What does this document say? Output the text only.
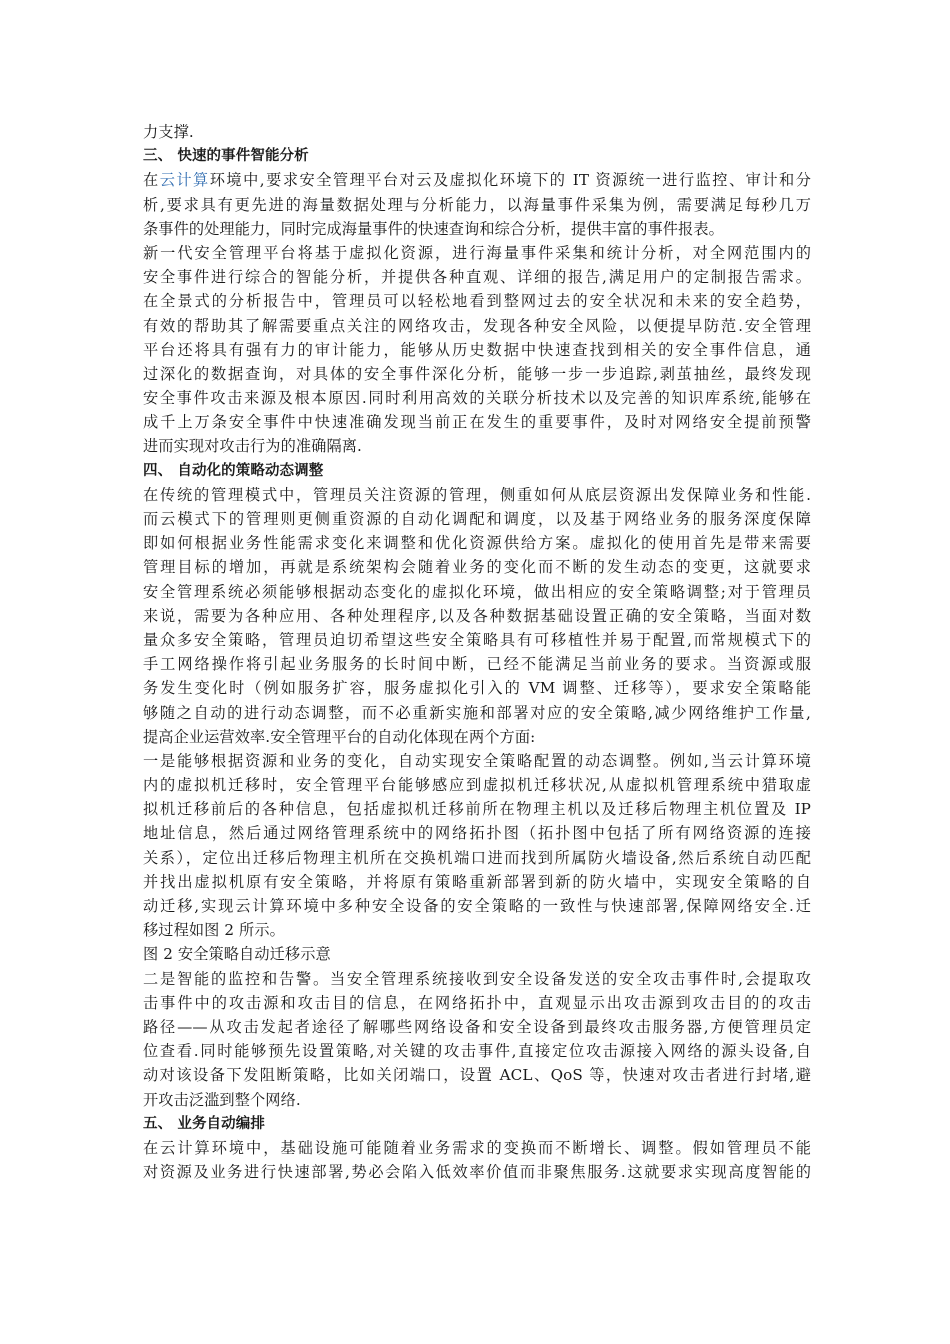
力支撑.
三、 快速的事件智能分析
在云计算环境中,要求安全管理平台对云及虚拟化环境下的 IT 资源统一进行监控、审计和分
析,要求具有更先进的海量数据处理与分析能力，以海量事件采集为例，需要满足每秒几万
条事件的处理能力，同时完成海量事件的快速查询和综合分析，提供丰富的事件报表。
新一代安全管理平台将基于虚拟化资源，进行海量事件采集和统计分析，对全网范围内的
安全事件进行综合的智能分析，并提供各种直观、详细的报告,满足用户的定制报告需求。
在全景式的分析报告中，管理员可以轻松地看到整网过去的安全状况和未来的安全趋势，
有效的帮助其了解需要重点关注的网络攻击，发现各种安全风险，以便提早防范.安全管理
平台还将具有强有力的审计能力，能够从历史数据中快速查找到相关的安全事件信息，通
过深化的数据查询，对具体的安全事件深化分析，能够一步一步追踪,剥茧抽丝，最终发现
安全事件攻击来源及根本原因.同时利用高效的关联分析技术以及完善的知识库系统,能够在
成千上万条安全事件中快速准确发现当前正在发生的重要事件，及时对网络安全提前预警
进而实现对攻击行为的准确隔离.
四、 自动化的策略动态调整
在传统的管理模式中，管理员关注资源的管理，侧重如何从底层资源出发保障业务和性能.
而云模式下的管理则更侧重资源的自动化调配和调度，以及基于网络业务的服务深度保障
即如何根据业务性能需求变化来调整和优化资源供给方案。虚拟化的使用首先是带来需要
管理目标的增加，再就是系统架构会随着业务的变化而不断的发生动态的变更，这就要求
安全管理系统必须能够根据动态变化的虚拟化环境，做出相应的安全策略调整;对于管理员
来说，需要为各种应用、各种处理程序,以及各种数据基础设置正确的安全策略，当面对数
量众多安全策略，管理员迫切希望这些安全策略具有可移植性并易于配置,而常规模式下的
手工网络操作将引起业务服务的长时间中断，已经不能满足当前业务的要求。当资源或服
务发生变化时（例如服务扩容，服务虚拟化引入的 VM 调整、迁移等），要求安全策略能
够随之自动的进行动态调整，而不必重新实施和部署对应的安全策略,减少网络维护工作量,
提高企业运营效率.安全管理平台的自动化体现在两个方面:
一是能够根据资源和业务的变化，自动实现安全策略配置的动态调整。例如,当云计算环境
内的虚拟机迁移时，安全管理平台能够感应到虚拟机迁移状况,从虚拟机管理系统中猎取虚
拟机迁移前后的各种信息，包括虚拟机迁移前所在物理主机以及迁移后物理主机位置及 IP
地址信息，然后通过网络管理系统中的网络拓扑图（拓扑图中包括了所有网络资源的连接
关系），定位出迁移后物理主机所在交换机端口进而找到所属防火墙设备,然后系统自动匹配
并找出虚拟机原有安全策略，并将原有策略重新部署到新的防火墙中，实现安全策略的自
动迁移,实现云计算环境中多种安全设备的安全策略的一致性与快速部署,保障网络安全.迁
移过程如图 2 所示。
图 2 安全策略自动迁移示意
二是智能的监控和告警。当安全管理系统接收到安全设备发送的安全攻击事件时,会提取攻
击事件中的攻击源和攻击目的信息，在网络拓扑中，直观显示出攻击源到攻击目的的攻击
路径——从攻击发起者途径了解哪些网络设备和安全设备到最终攻击服务器,方便管理员定
位查看.同时能够预先设置策略,对关键的攻击事件,直接定位攻击源接入网络的源头设备,自
动对该设备下发阻断策略，比如关闭端口，设置 ACL、QoS 等，快速对攻击者进行封堵,避
开攻击泛滥到整个网络.
五、 业务自动编排
在云计算环境中，基础设施可能随着业务需求的变换而不断增长、调整。假如管理员不能
对资源及业务进行快速部署,势必会陷入低效率价值而非聚焦服务.这就要求实现高度智能的
